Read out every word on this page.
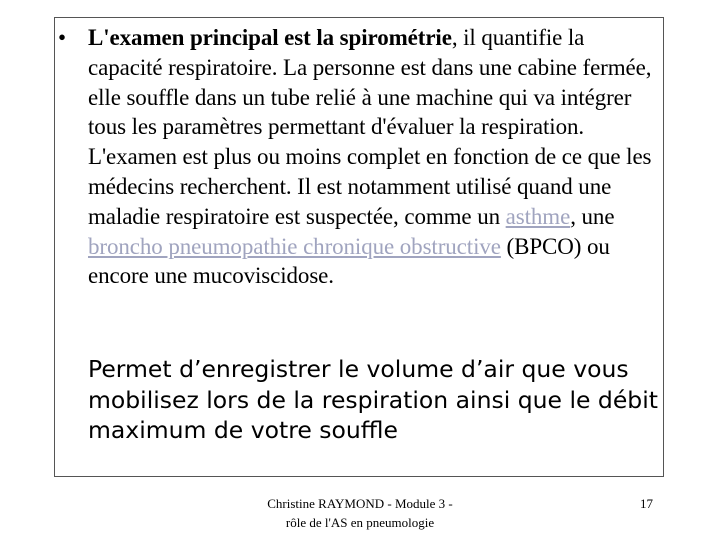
• L'examen principal est la spirométrie, il quantifie la capacité respiratoire. La personne est dans une cabine fermée, elle souffle dans un tube relié à une machine qui va intégrer tous les paramètres permettant d'évaluer la respiration. L'examen est plus ou moins complet en fonction de ce que les médecins recherchent. Il est notamment utilisé quand une maladie respiratoire est suspectée, comme un asthme, une broncho pneumopathie chronique obstructive (BPCO) ou encore une mucoviscidose.
Permet d’enregistrer le volume d’air que vous mobilisez lors de la respiration ainsi que le débit maximum de votre souffle
Christine RAYMOND - Module 3 -
rôle de l'AS en pneumologie
17
